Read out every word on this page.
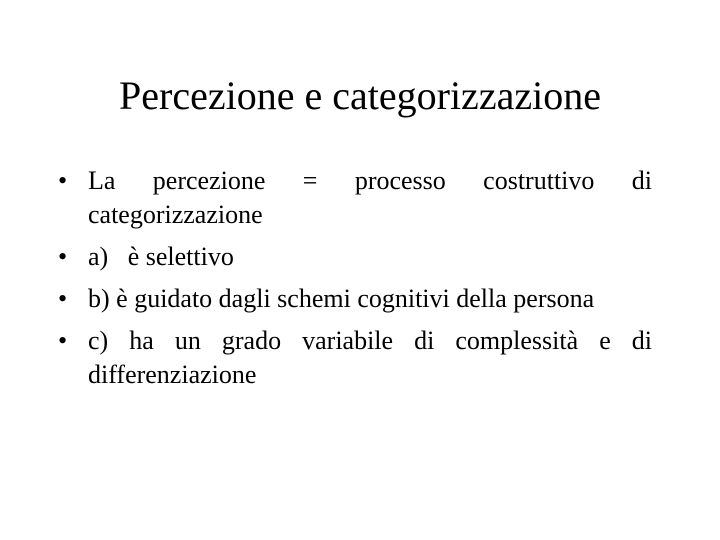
Percezione e categorizzazione
• La percezione = processo costruttivo di categorizzazione
• a)   è selettivo
• b) è guidato dagli schemi cognitivi della persona
• c) ha un grado variabile di complessità e di differenziazione
